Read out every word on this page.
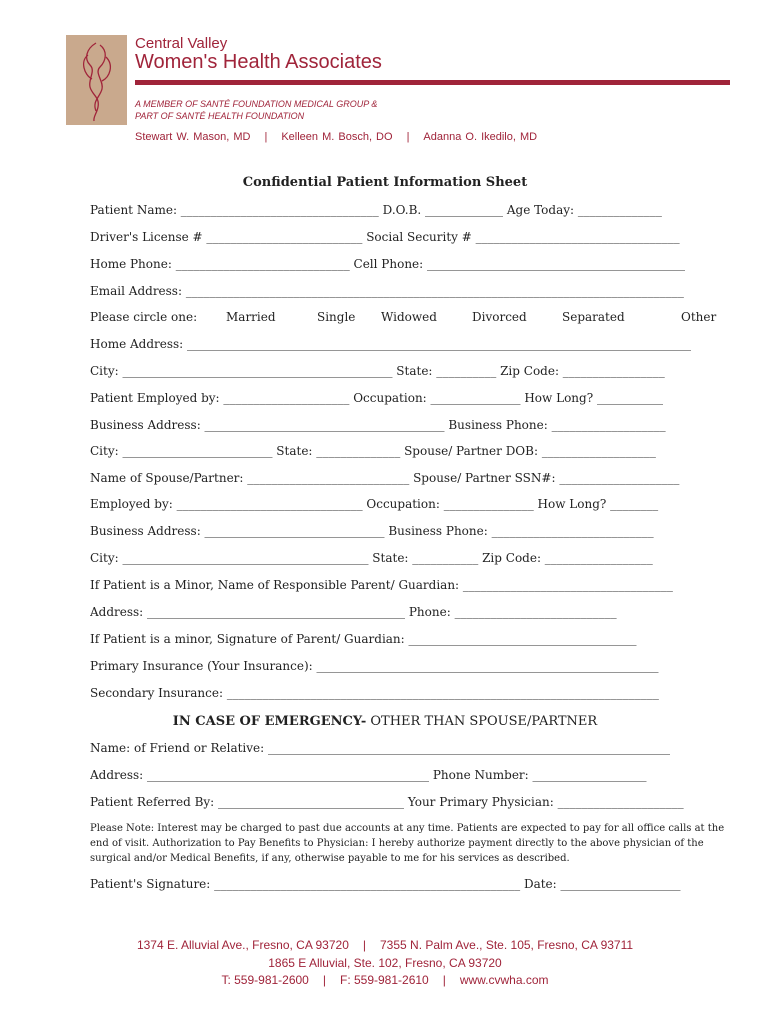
Central Valley
Women's Health Associates
A MEMBER OF SANTÉ FOUNDATION MEDICAL GROUP &
PART OF SANTÉ HEALTH FOUNDATION
Stewart W. Mason, MD | Kelleen M. Bosch, DO | Adanna O. Ikedilo, MD
Confidential Patient Information Sheet
Patient Name: _________________________________ D.O.B. _____________ Age Today: ______________
Driver's License # __________________________ Social Security # __________________________________
Home Phone: _____________________________ Cell Phone: ___________________________________________
Email Address: ___________________________________________________________________________________
Please circle one: Married	Single Widowed	Divorced	Separated	Other
Home Address: ____________________________________________________________________________________
City: _____________________________________________ State: __________ Zip Code: _________________
Patient Employed by: _____________________ Occupation: _______________ How Long? ___________
Business Address: ________________________________________ Business Phone: ___________________
City: _________________________ State: ______________ Spouse/ Partner DOB: ___________________
Name of Spouse/Partner: ___________________________ Spouse/ Partner SSN#: ____________________
Employed by: _______________________________ Occupation: _______________ How Long? ________
Business Address: ______________________________ Business Phone: ___________________________
City: _________________________________________ State: ___________ Zip Code: __________________
If Patient is a Minor, Name of Responsible Parent/ Guardian: ___________________________________
Address: ___________________________________________ Phone: ___________________________
If Patient is a minor, Signature of Parent/ Guardian: ______________________________________
Primary Insurance (Your Insurance): _________________________________________________________
Secondary Insurance: ________________________________________________________________________
IN CASE OF EMERGENCY- OTHER THAN SPOUSE/PARTNER
Name: of Friend or Relative: ___________________________________________________________________
Address: _______________________________________________ Phone Number: ___________________
Patient Referred By: _______________________________ Your Primary Physician: _____________________
Please Note: Interest may be charged to past due accounts at any time. Patients are expected to pay for all office calls at the end of visit. Authorization to Pay Benefits to Physician: I hereby authorize payment directly to the above physician of the surgical and/or Medical Benefits, if any, otherwise payable to me for his services as described.
Patient's Signature: ___________________________________________________ Date: ____________________
1374 E. Alluvial Ave., Fresno, CA 93720 | 7355 N. Palm Ave., Ste. 105, Fresno, CA 93711
1865 E Alluvial, Ste. 102, Fresno, CA 93720
T: 559-981-2600 | F: 559-981-2610 | www.cvwha.com
